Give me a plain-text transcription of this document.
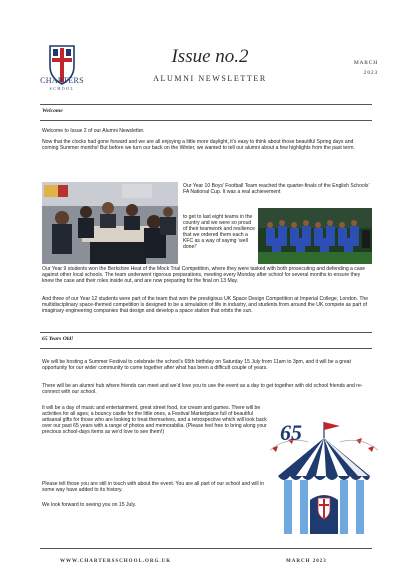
CHARTERS
SCHOOL
Issue no.2
ALUMNI NEWSLETTER
MARCH
2023
Welcome

Welcome to Issue 2 of our Alumni Newsletter.

Now that the clocks had gone forward and we are all enjoying a little more daylight, it’s easy to think about those beautiful Spring days and coming Summer months! But before we turn our back on the Winter, we wanted to tell our alumni about a few highlights from the past term.

Our Year 10 Boys’ Football Team reached the quarter-finals of the English Schools’ FA National Cup. It was a real achievement

to get to last eight teams in the country and we were so proud of their teamwork and resilience that we ordered them each a KFC as a way of saying ‘well done!’

Our Year 9 students won the Berkshire Heat of the Mock Trial Competition, where they were tasked with both prosecuting and defending a case against other local schools. The team underwent rigorous preparations, meeting every Monday after school for several months to ensure they knew the case and their roles inside out, and are now preparing for the final on 13 May.

And three of our Year 12 students were part of the team that won the prestigious UK Space Design Competition at Imperial College, London. The multidisciplinary space-themed competition is designed to be a simulation of life in industry, and students from around the UK compete as part of imaginary engineering companies that design and develop a space station that orbits the sun.

65 Years Old!

We will be hosting a Summer Festival to celebrate the school’s 65th birthday on Saturday 15 July from 11am to 3pm, and it will be a great opportunity for our wider community to come together after what has been a difficult couple of years.

There will be an alumni hub where friends can meet and we’d love you to use the event as a day to get together with old school friends and re-connect with our school.

It will be a day of music and entertainment, great street food, ice cream and games. There will be activities for all ages; a bouncy castle for the little ones, a Festival Marketplace full of beautiful artisanal gifts for those who are looking to treat themselves, and a retrospective which will look back over our past 65 years with a range of photos and memorabilia. (Please feel free to bring along your precious school-days items as we’d love to see them!)

Please tell those you are still in touch with about the event. You are all part of our school and will in some way have added to its history.

We look forward to seeing you on 15 July.

65
WWW.CHARTERSSCHOOL.ORG.UK	MARCH 2023
